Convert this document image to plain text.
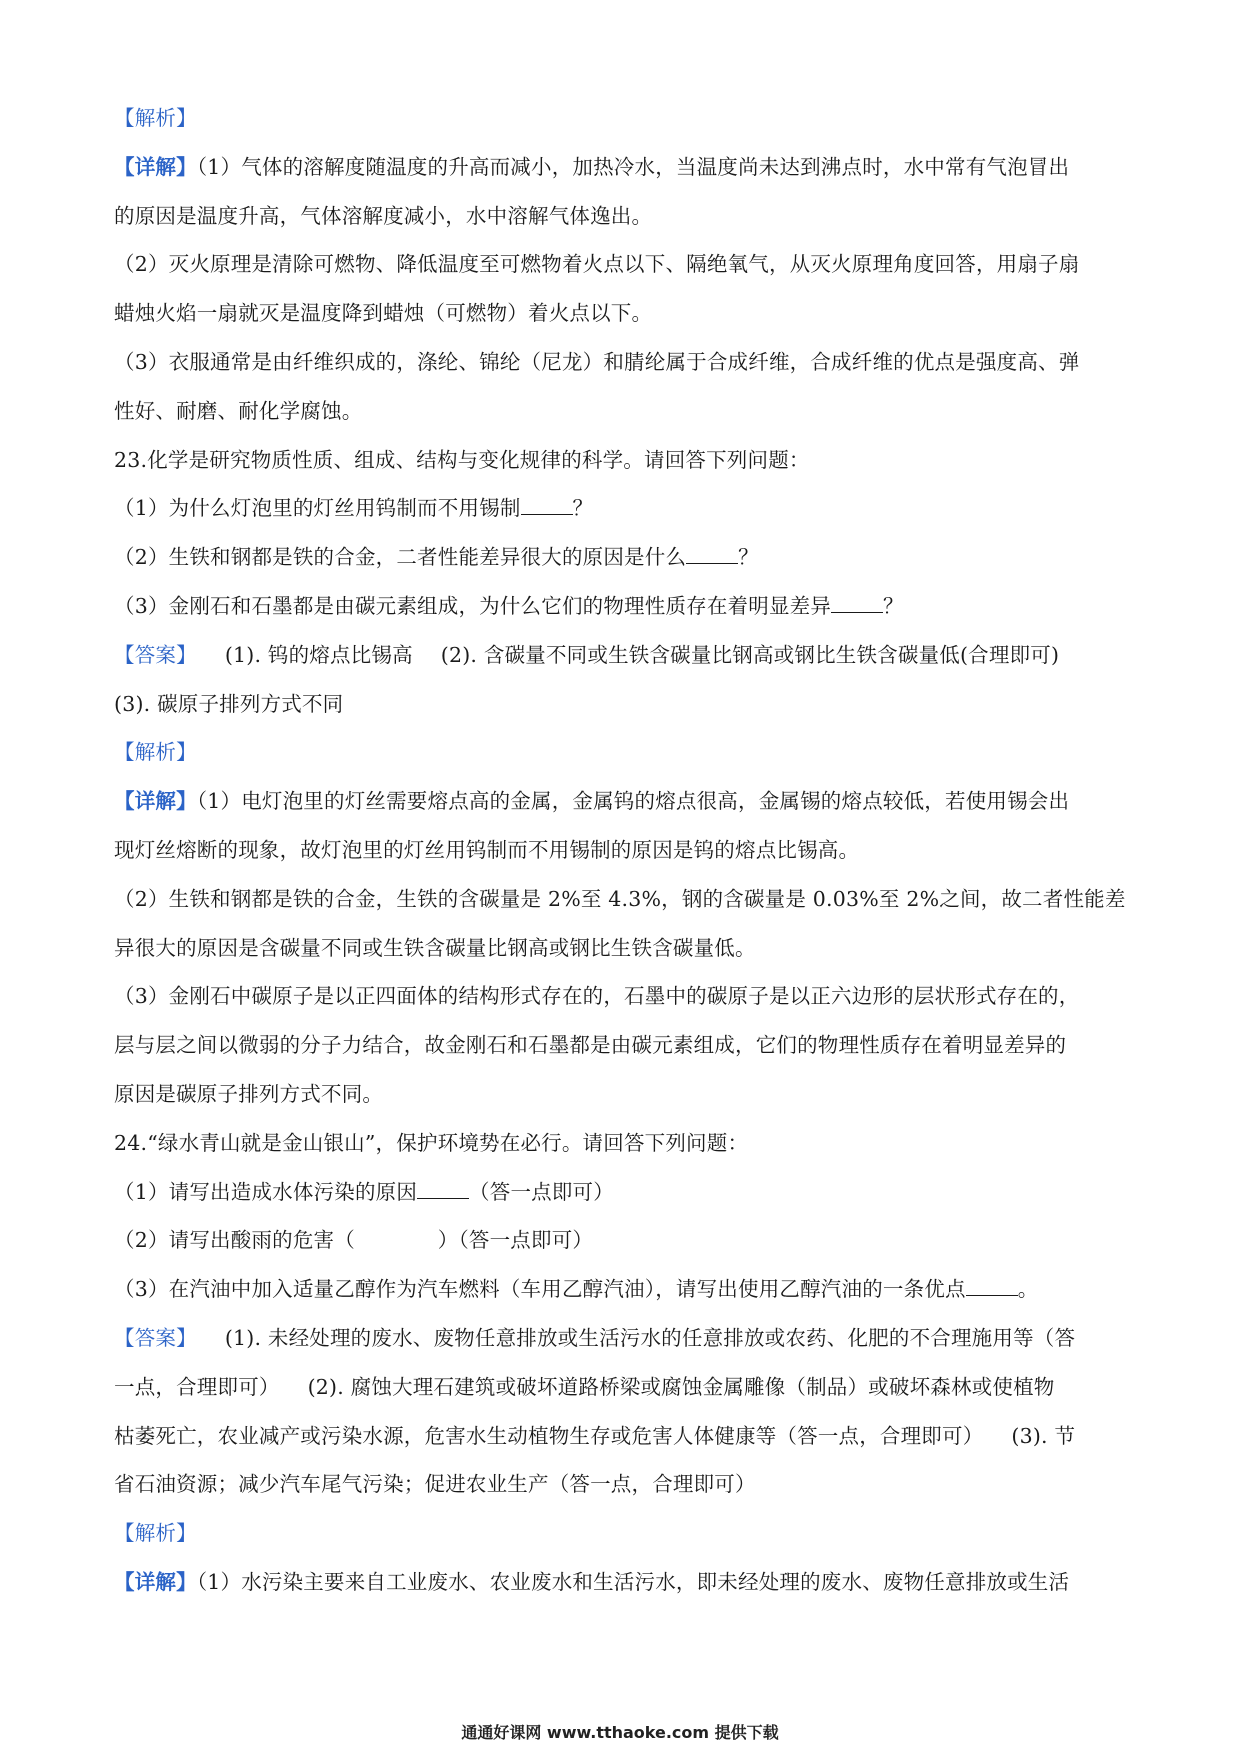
【解析】
【详解】（1）气体的溶解度随温度的升高而减小，加热冷水，当温度尚未达到沸点时，水中常有气泡冒出
的原因是温度升高，气体溶解度减小，水中溶解气体逸出。
（2）灭火原理是清除可燃物、降低温度至可燃物着火点以下、隔绝氧气，从灭火原理角度回答，用扇子扇
蜡烛火焰一扇就灭是温度降到蜡烛（可燃物）着火点以下。
（3）衣服通常是由纤维织成的，涤纶、锦纶（尼龙）和腈纶属于合成纤维，合成纤维的优点是强度高、弹
性好、耐磨、耐化学腐蚀。
23.化学是研究物质性质、组成、结构与变化规律的科学。请回答下列问题：
（1）为什么灯泡里的灯丝用钨制而不用锡制	？
（2）生铁和钢都是铁的合金，二者性能差异很大的原因是什么	？
（3）金刚石和石墨都是由碳元素组成，为什么它们的物理性质存在着明显差异	？
【答案】 (1). 钨的熔点比锡高 (2). 含碳量不同或生铁含碳量比钢高或钢比生铁含碳量低(合理即可)
(3). 碳原子排列方式不同
【解析】
【详解】（1）电灯泡里的灯丝需要熔点高的金属，金属钨的熔点很高，金属锡的熔点较低，若使用锡会出
现灯丝熔断的现象，故灯泡里的灯丝用钨制而不用锡制的原因是钨的熔点比锡高。
（2）生铁和钢都是铁的合金，生铁的含碳量是 2%至 4.3%，钢的含碳量是 0.03%至 2%之间，故二者性能差
异很大的原因是含碳量不同或生铁含碳量比钢高或钢比生铁含碳量低。
（3）金刚石中碳原子是以正四面体的结构形式存在的，石墨中的碳原子是以正六边形的层状形式存在的，
层与层之间以微弱的分子力结合，故金刚石和石墨都是由碳元素组成，它们的物理性质存在着明显差异的
原因是碳原子排列方式不同。
24.“绿水青山就是金山银山”，保护环境势在必行。请回答下列问题：
（1）请写出造成水体污染的原因	（答一点即可）
（2）请写出酸雨的危害（　　　　）（答一点即可）
（3）在汽油中加入适量乙醇作为汽车燃料（车用乙醇汽油），请写出使用乙醇汽油的一条优点	。
【答案】 (1). 未经处理的废水、废物任意排放或生活污水的任意排放或农药、化肥的不合理施用等（答
一点，合理即可） (2). 腐蚀大理石建筑或破坏道路桥梁或腐蚀金属雕像（制品）或破坏森林或使植物
枯萎死亡，农业减产或污染水源，危害水生动植物生存或危害人体健康等（答一点，合理即可） (3). 节
省石油资源；减少汽车尾气污染；促进农业生产（答一点，合理即可）
【解析】
【详解】（1）水污染主要来自工业废水、农业废水和生活污水，即未经处理的废水、废物任意排放或生活
通通好课网 www.tthaoke.com 提供下载
